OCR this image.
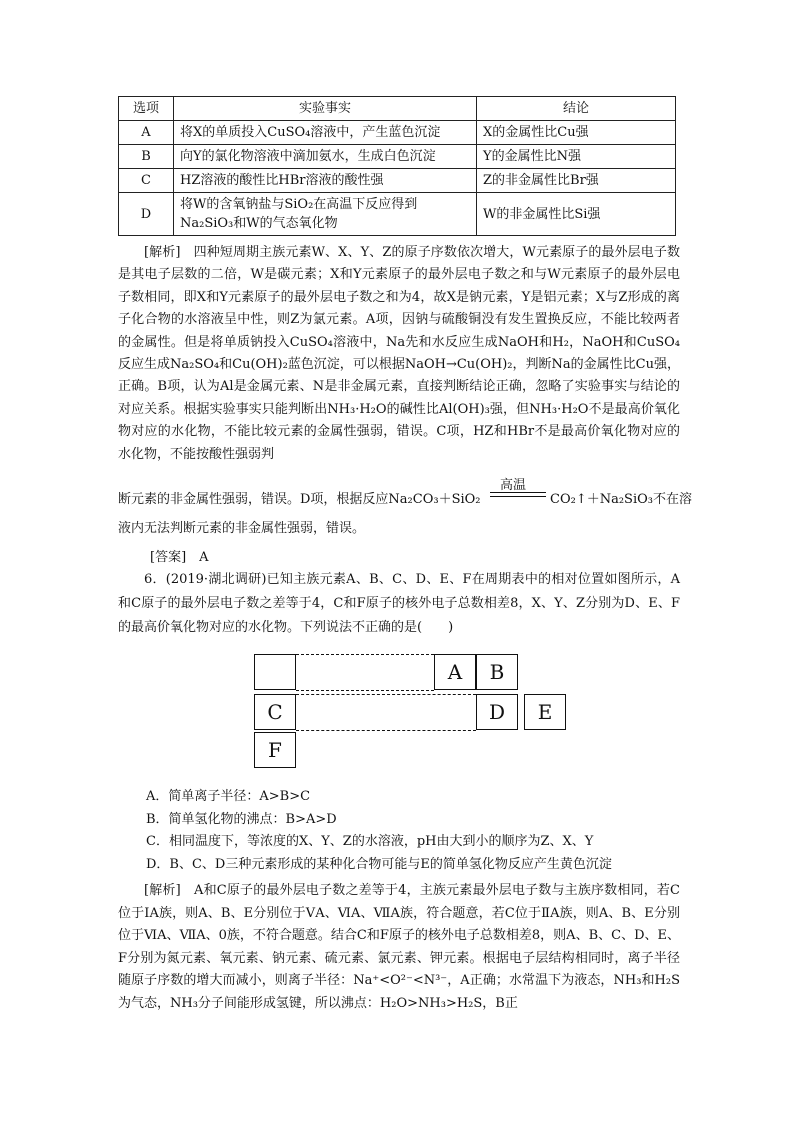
选项	实验事实	结论
A	将X的单质投入CuSO₄溶液中，产生蓝色沉淀	X的金属性比Cu强
B	向Y的氯化物溶液中滴加氨水，生成白色沉淀	Y的金属性比N强
C	HZ溶液的酸性比HBr溶液的酸性强	Z的非金属性比Br强
D	将W的含氧钠盐与SiO₂在高温下反应得到Na₂SiO₃和W的气态氧化物	W的非金属性比Si强

[解析]　 四种短周期主族元素W、X、Y、Z的原子序数依次增大，W元素原子的最外层电子数是其电子层数的二倍，W是碳元素；X和Y元素原子的最外层电子数之和与W元素原子的最外层电子数相同，即X和Y元素原子的最外层电子数之和为4，故X是钠元素，Y是铝元素；X与Z形成的离子化合物的水溶液呈中性，则Z为氯元素。A项，因钠与硫酸铜没有发生置换反应，不能比较两者的金属性。但是将单质钠投入CuSO₄溶液中，Na先和水反应生成NaOH和H₂，NaOH和CuSO₄反应生成Na₂SO₄和Cu(OH)₂蓝色沉淀，可以根据NaOH→Cu(OH)₂，判断Na的金属性比Cu强，正确。B项，认为Al是金属元素、N是非金属元素，直接判断结论正确，忽略了实验事实与结论的对应关系。根据实验事实只能判断出NH₃·H₂O的碱性比Al(OH)₃强，但NH₃·H₂O不是最高价氧化物对应的水化物，不能比较元素的金属性强弱，错误。C项，HZ和HBr不是最高价氧化物对应的水化物，不能按酸性强弱判

断元素的非金属性强弱，错误。D项，根据反应Na₂CO₃＋SiO₂
高温
CO₂↑＋Na₂SiO₃不在溶
液内无法判断元素的非金属性强弱，错误。
[答案]　 A
6．(2019·湖北调研)已知主族元素A、B、C、D、E、F在周期表中的相对位置如图所示，A和C原子的最外层电子数之差等于4，C和F原子的核外电子总数相差8，X、Y、Z分别为D、E、F的最高价氧化物对应的水化物。下列说法不正确的是(　　)
A	B
C	D	E
F
A．简单离子半径：A>B>C
B．简单氢化物的沸点：B>A>D
C．相同温度下，等浓度的X、Y、Z的水溶液，pH由大到小的顺序为Z、X、Y
D．B、C、D三种元素形成的某种化合物可能与E的简单氢化物反应产生黄色沉淀
[解析]　 A和C原子的最外层电子数之差等于4，主族元素最外层电子数与主族序数相同，若C位于ⅠA族，则A、B、E分别位于ⅤA、ⅥA、ⅦA族，符合题意，若C位于ⅡA族，则A、B、E分别位于ⅥA、ⅦA、0族，不符合题意。结合C和F原子的核外电子总数相差8，则A、B、C、D、E、F分别为氮元素、氧元素、钠元素、硫元素、氯元素、钾元素。根据电子层结构相同时，离子半径随原子序数的增大而减小，则离子半径：Na⁺<O²⁻<N³⁻，A正确；水常温下为液态，NH₃和H₂S为气态，NH₃分子间能形成氢键，所以沸点：H₂O>NH₃>H₂S，B正
